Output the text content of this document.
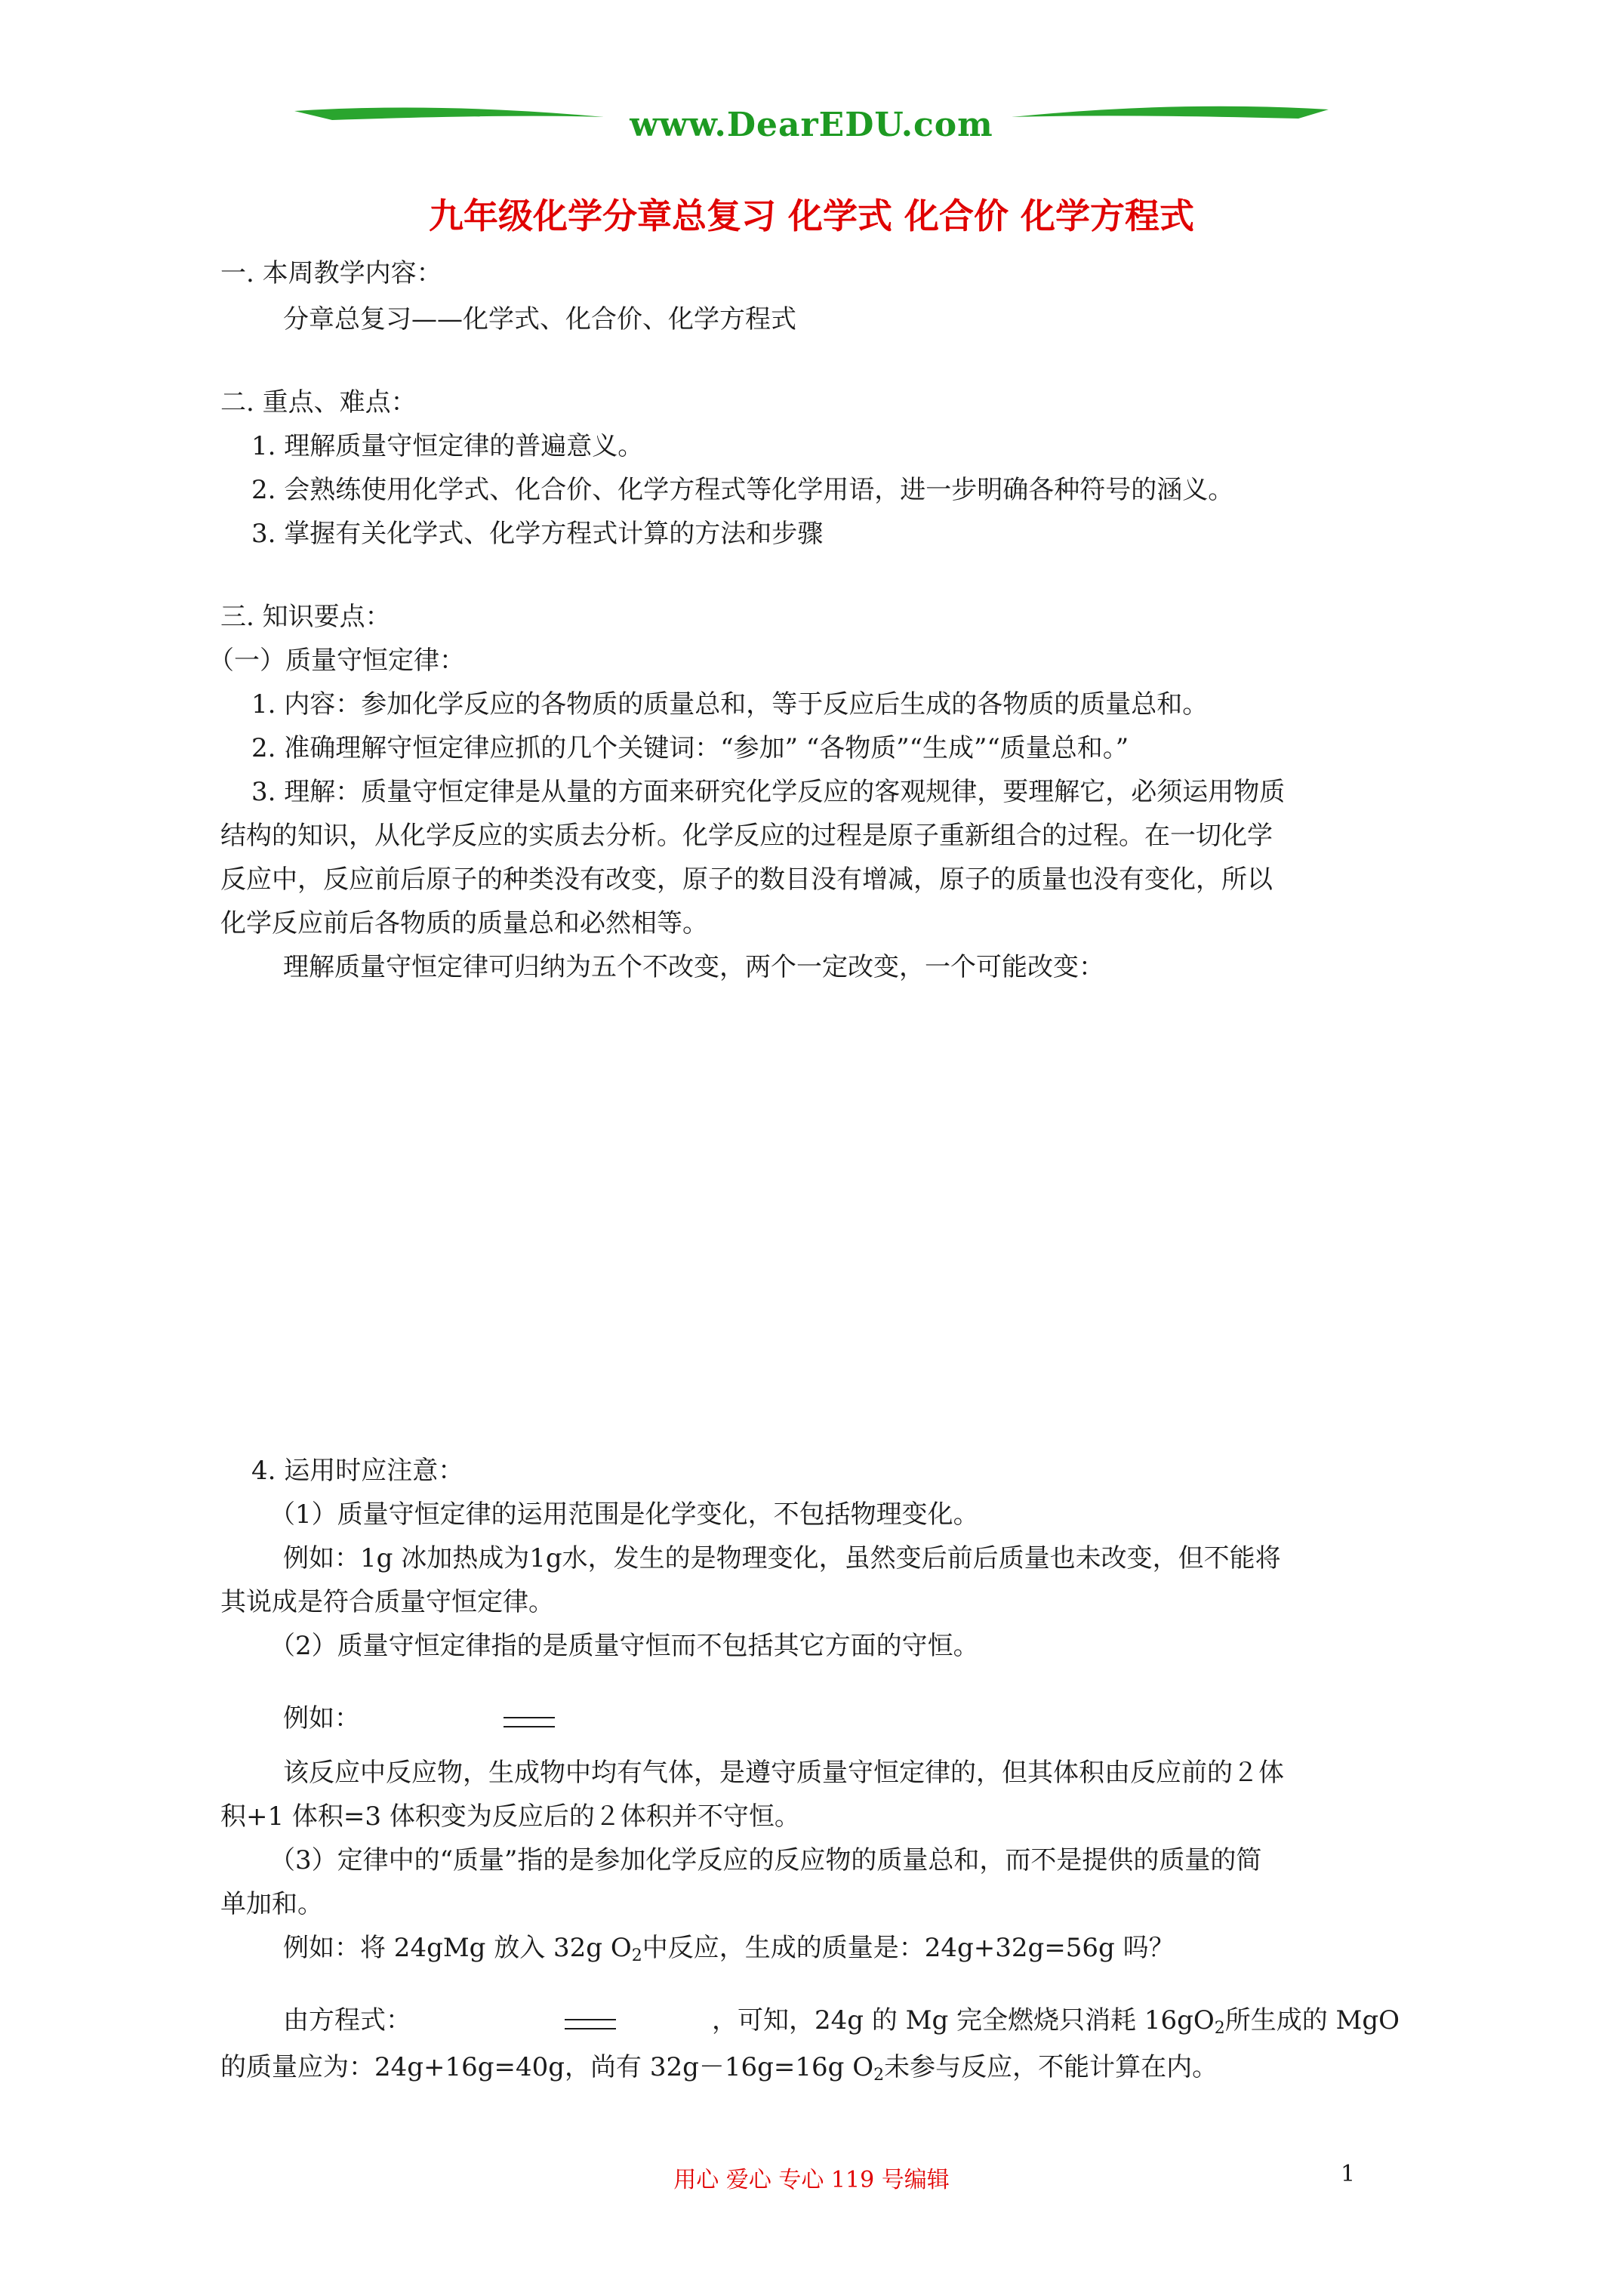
www.DearEDU.com
九年级化学分章总复习 化学式 化合价 化学方程式
一. 本周教学内容：
分章总复习——化学式、化合价、化学方程式
二. 重点、难点：
1. 理解质量守恒定律的普遍意义。
2. 会熟练使用化学式、化合价、化学方程式等化学用语，进一步明确各种符号的涵义。
3. 掌握有关化学式、化学方程式计算的方法和步骤
三. 知识要点：
（一）质量守恒定律：
1. 内容：参加化学反应的各物质的质量总和，等于反应后生成的各物质的质量总和。
2. 准确理解守恒定律应抓的几个关键词：“参加” “各物质”“生成”“质量总和。”
3. 理解：质量守恒定律是从量的方面来研究化学反应的客观规律，要理解它，必须运用物质
结构的知识，从化学反应的实质去分析。化学反应的过程是原子重新组合的过程。在一切化学
反应中，反应前后原子的种类没有改变，原子的数目没有增减，原子的质量也没有变化，所以
化学反应前后各物质的质量总和必然相等。
理解质量守恒定律可归纳为五个不改变，两个一定改变，一个可能改变：
4. 运用时应注意：
（1）质量守恒定律的运用范围是化学变化，不包括物理变化。
例如：1g 冰加热成为1g水，发生的是物理变化，虽然变后前后质量也未改变，但不能将
其说成是符合质量守恒定律。
（2）质量守恒定律指的是质量守恒而不包括其它方面的守恒。
例如：
该反应中反应物，生成物中均有气体，是遵守质量守恒定律的，但其体积由反应前的２体
积+1 体积=3 体积变为反应后的２体积并不守恒。
（3）定律中的“质量”指的是参加化学反应的反应物的质量总和，而不是提供的质量的简
单加和。
例如：将 24gMg 放入 32g $O_2$中反应，生成的质量是：24g+32g=56g 吗？
由方程式：	，可知，24g 的 Mg 完全燃烧只消耗 $16gO_2$所生成的 MgO
的质量应为：24g+16g=40g，尚有 32g－16g=16g $O_2$未参与反应，不能计算在内。
用心 爱心 专心 119 号编辑	1
